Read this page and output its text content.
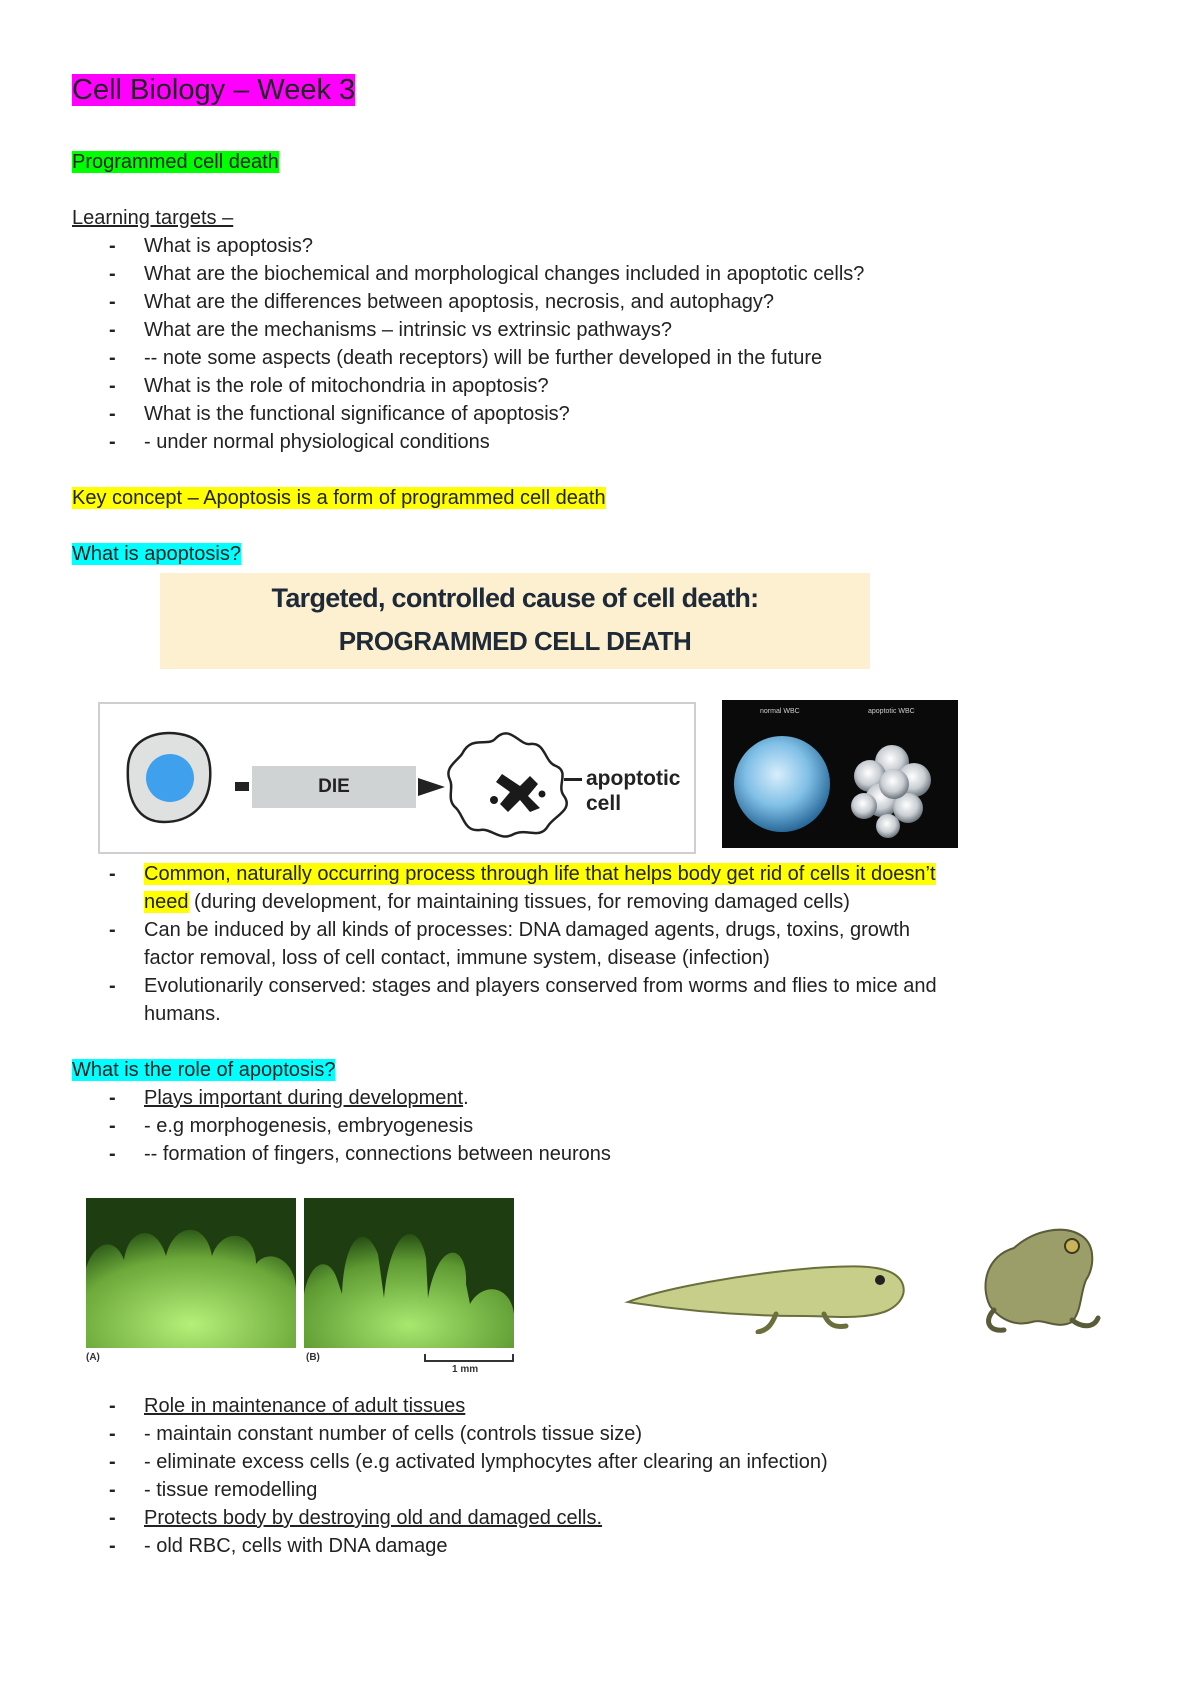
Cell Biology – Week 3
Programmed cell death
Learning targets –
- What is apoptosis?
- What are the biochemical and morphological changes included in apoptotic cells?
- What are the differences between apoptosis, necrosis, and autophagy?
- What are the mechanisms – intrinsic vs extrinsic pathways?
- -- note some aspects (death receptors) will be further developed in the future
- What is the role of mitochondria in apoptosis?
- What is the functional significance of apoptosis?
- - under normal physiological conditions
Key concept – Apoptosis is a form of programmed cell death
What is apoptosis?
Targeted, controlled cause of cell death:
PROGRAMMED CELL DEATH
DIE	apoptotic
cell
normal WBC	apoptotic WBC
- Common, naturally occurring process through life that helps body get rid of cells it doesn’t
need (during development, for maintaining tissues, for removing damaged cells)
- Can be induced by all kinds of processes: DNA damaged agents, drugs, toxins, growth
factor removal, loss of cell contact, immune system, disease (infection)
- Evolutionarily conserved: stages and players conserved from worms and flies to mice and
humans.
What is the role of apoptosis?
- Plays important during development.
- - e.g morphogenesis, embryogenesis
- -- formation of fingers, connections between neurons
(A)	(B)
1 mm
- Role in maintenance of adult tissues
- - maintain constant number of cells (controls tissue size)
- - eliminate excess cells (e.g activated lymphocytes after clearing an infection)
- - tissue remodelling
- Protects body by destroying old and damaged cells.
- - old RBC, cells with DNA damage
